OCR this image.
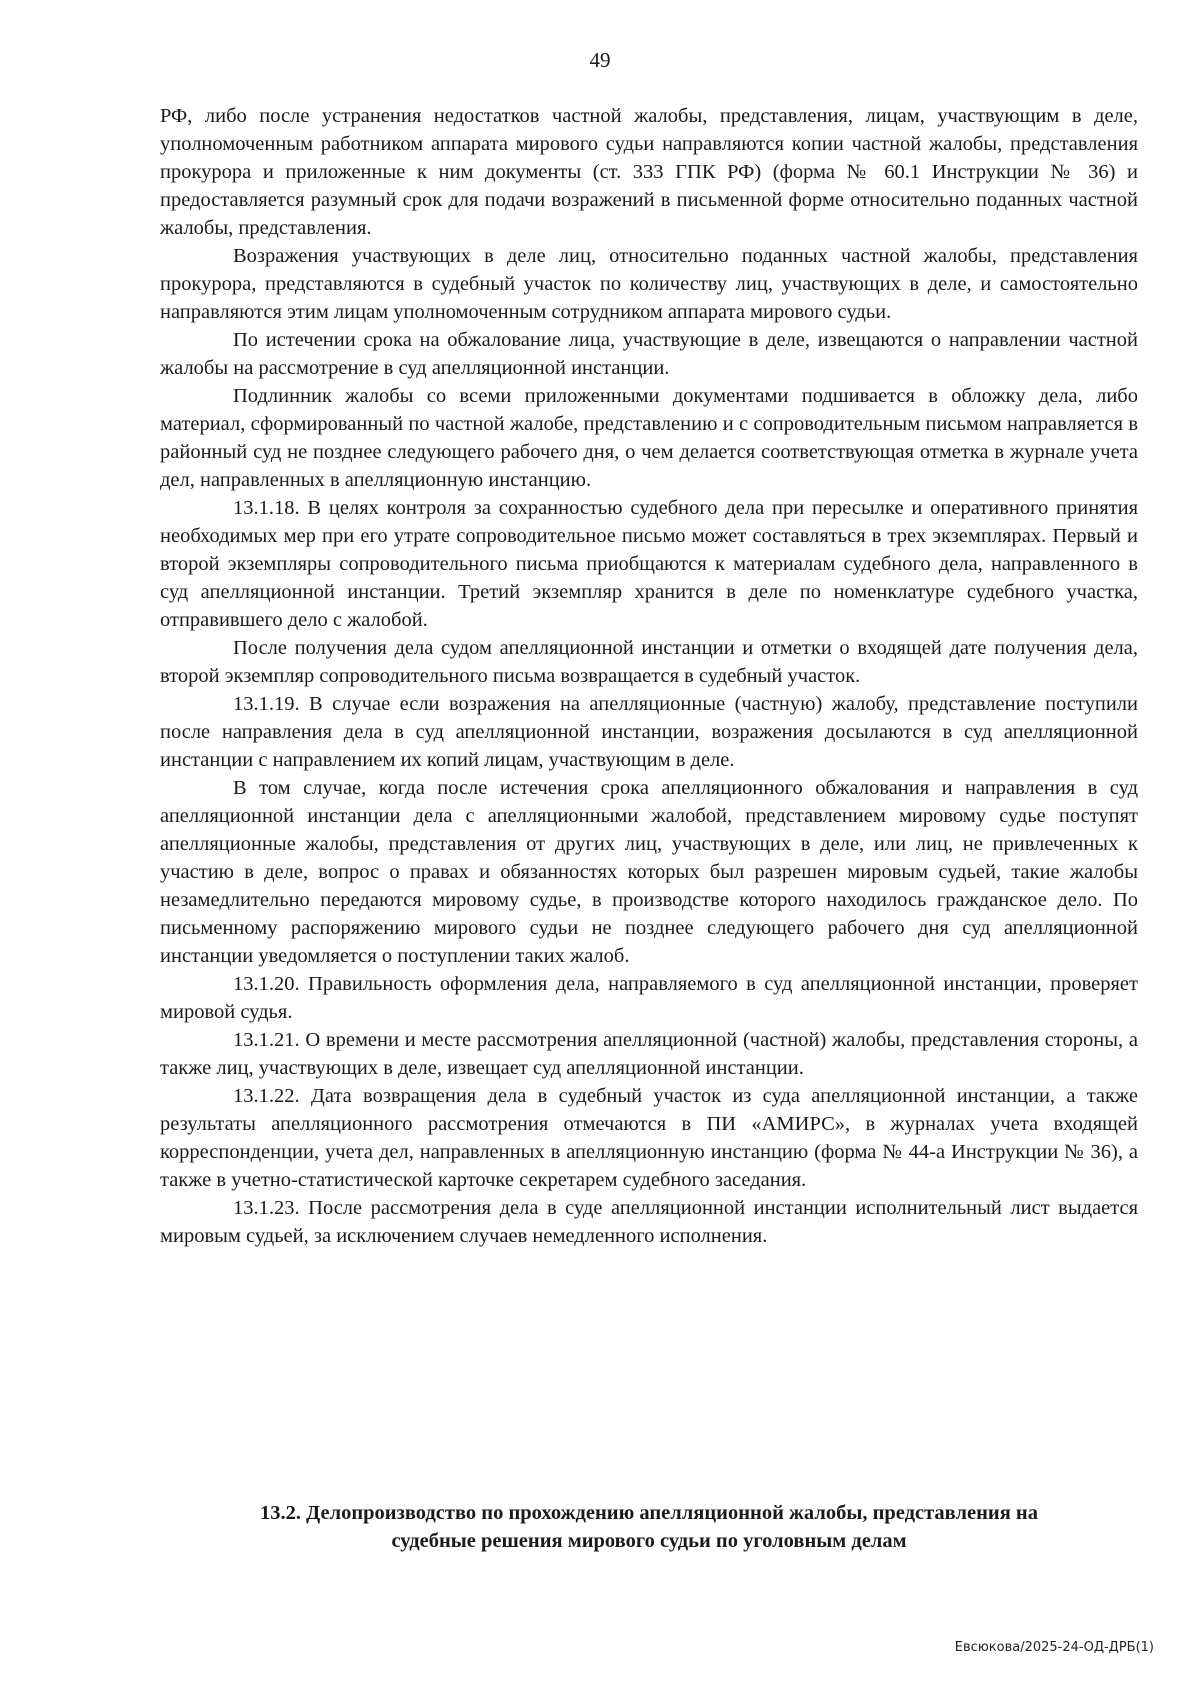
49

РФ, либо после устранения недостатков частной жалобы, представления, лицам, участвующим в деле, уполномоченным работником аппарата мирового судьи направляются копии частной жалобы, представления прокурора и приложенные к ним документы (ст. 333 ГПК РФ) (форма № 60.1 Инструкции № 36) и предоставляется разумный срок для подачи возражений в письменной форме относительно поданных частной жалобы, представления.

Возражения участвующих в деле лиц, относительно поданных частной жалобы, представления прокурора, представляются в судебный участок по количеству лиц, участвующих в деле, и самостоятельно направляются этим лицам уполномоченным сотрудником аппарата мирового судьи.

По истечении срока на обжалование лица, участвующие в деле, извещаются о направлении частной жалобы на рассмотрение в суд апелляционной инстанции.

Подлинник жалобы со всеми приложенными документами подшивается в обложку дела, либо материал, сформированный по частной жалобе, представлению и с сопроводительным письмом направляется в районный суд не позднее следующего рабочего дня, о чем делается соответствующая отметка в журнале учета дел, направленных в апелляционную инстанцию.

13.1.18. В целях контроля за сохранностью судебного дела при пересылке и оперативного принятия необходимых мер при его утрате сопроводительное письмо может составляться в трех экземплярах. Первый и второй экземпляры сопроводительного письма приобщаются к материалам судебного дела, направленного в суд апелляционной инстанции. Третий экземпляр хранится в деле по номенклатуре судебного участка, отправившего дело с жалобой.

После получения дела судом апелляционной инстанции и отметки о входящей дате получения дела, второй экземпляр сопроводительного письма возвращается в судебный участок.

13.1.19. В случае если возражения на апелляционные (частную) жалобу, представление поступили после направления дела в суд апелляционной инстанции, возражения досылаются в суд апелляционной инстанции с направлением их копий лицам, участвующим в деле.

В том случае, когда после истечения срока апелляционного обжалования и направления в суд апелляционной инстанции дела с апелляционными жалобой, представлением мировому судье поступят апелляционные жалобы, представления от других лиц, участвующих в деле, или лиц, не привлеченных к участию в деле, вопрос о правах и обязанностях которых был разрешен мировым судьей, такие жалобы незамедлительно передаются мировому судье, в производстве которого находилось гражданское дело. По письменному распоряжению мирового судьи не позднее следующего рабочего дня суд апелляционной инстанции уведомляется о поступлении таких жалоб.

13.1.20. Правильность оформления дела, направляемого в суд апелляционной инстанции, проверяет мировой судья.

13.1.21. О времени и месте рассмотрения апелляционной (частной) жалобы, представления стороны, а также лиц, участвующих в деле, извещает суд апелляционной инстанции.

13.1.22. Дата возвращения дела в судебный участок из суда апелляционной инстанции, а также результаты апелляционного рассмотрения отмечаются в ПИ «АМИРС», в журналах учета входящей корреспонденции, учета дел, направленных в апелляционную инстанцию (форма № 44-а Инструкции № 36), а также в учетно-статистической карточке секретарем судебного заседания.

13.1.23. После рассмотрения дела в суде апелляционной инстанции исполнительный лист выдается мировым судьей, за исключением случаев немедленного исполнения.

13.2. Делопроизводство по прохождению апелляционной жалобы, представления на
судебные решения мирового судьи по уголовным делам
Евсюкова/2025-24-ОД-ДРБ(1)
